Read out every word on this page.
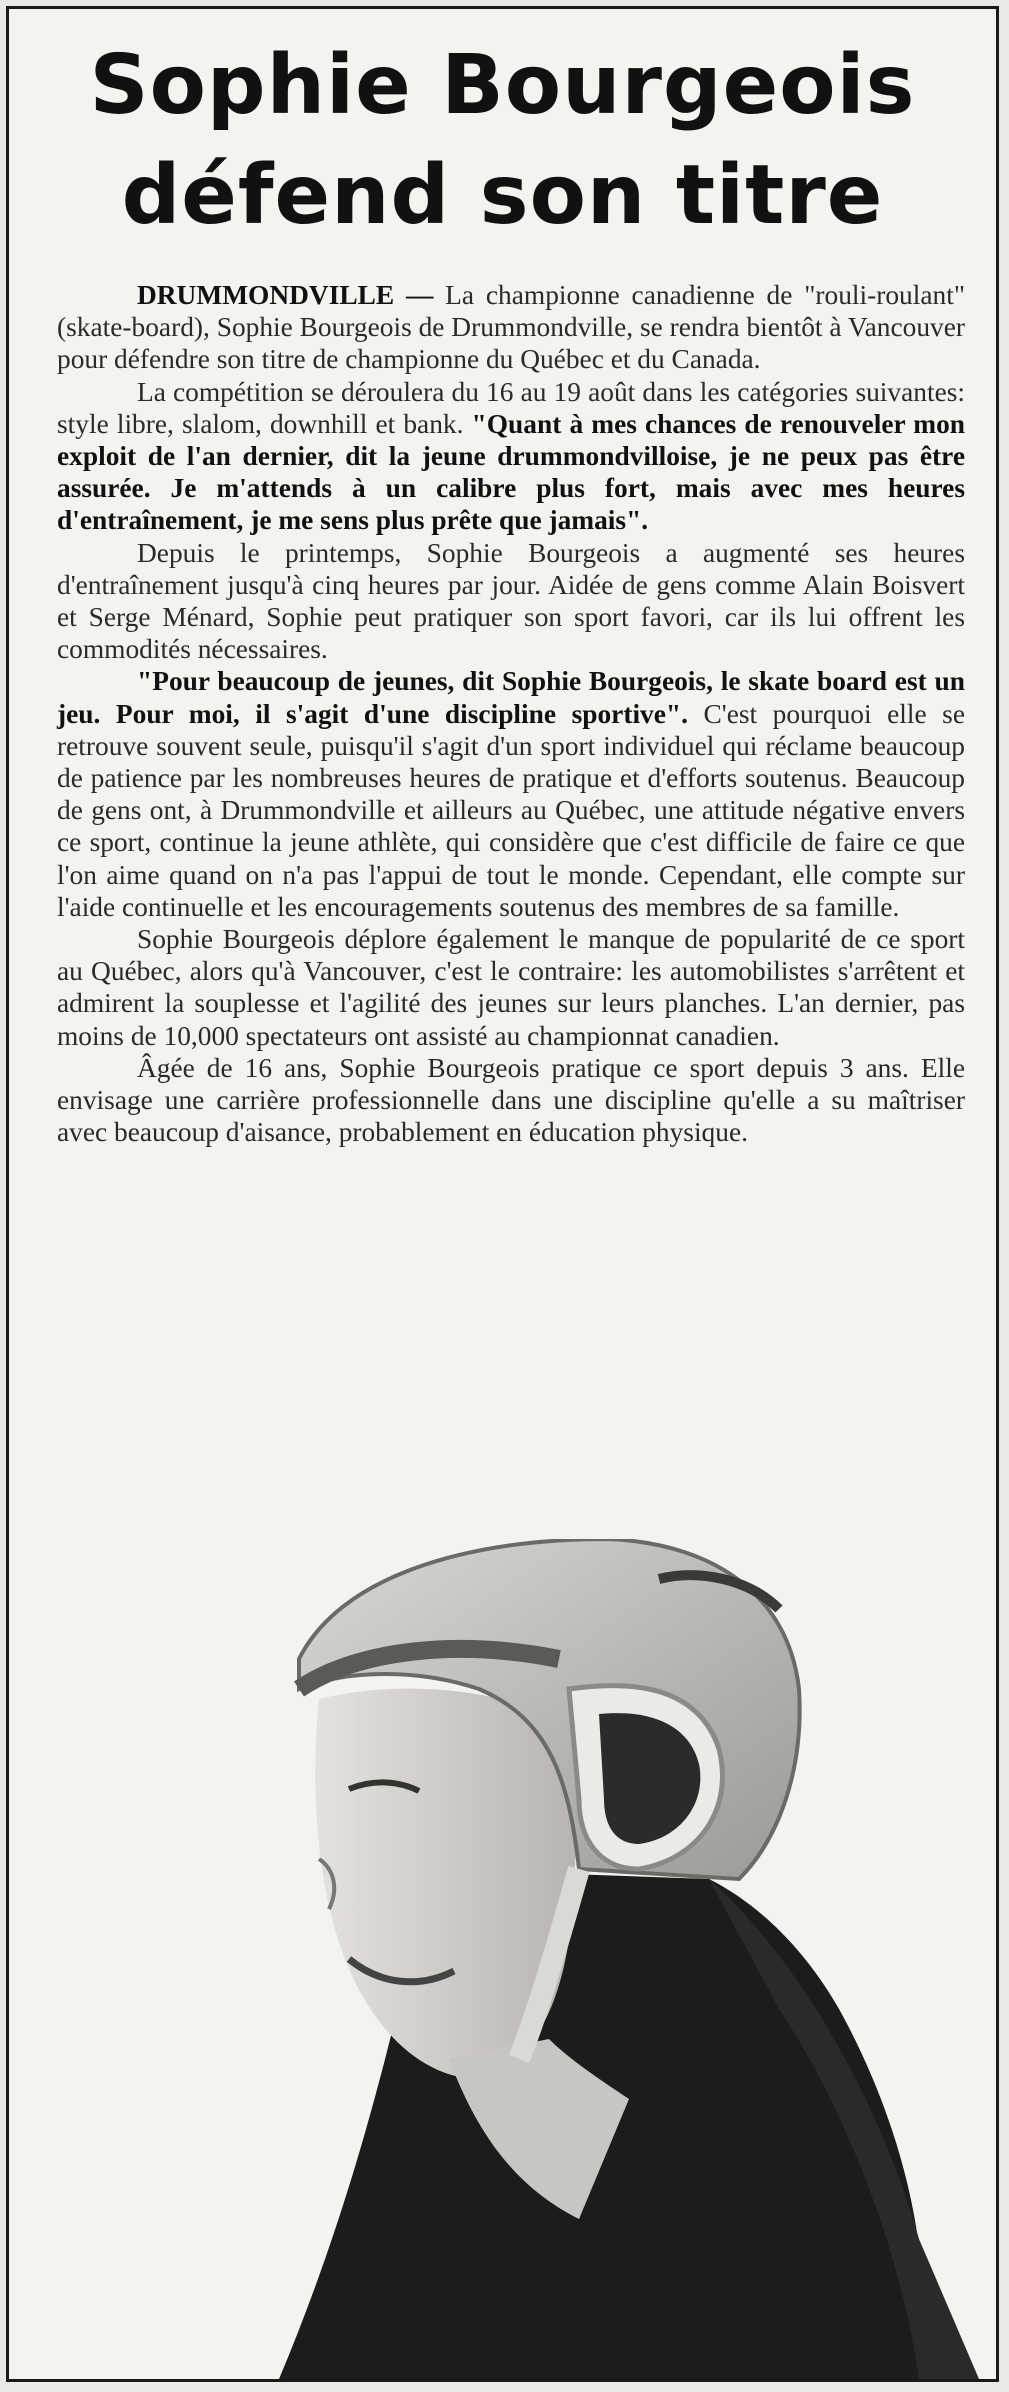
Sophie Bourgeois
défend son titre

DRUMMONDVILLE — La championne canadienne de "rouli-roulant" (skate-board), Sophie Bourgeois de Drummondville, se rendra bientôt à Vancouver pour défendre son titre de championne du Québec et du Canada.

La compétition se déroulera du 16 au 19 août dans les catégories suivantes: style libre, slalom, downhill et bank. "Quant à mes chances de renouveler mon exploit de l'an dernier, dit la jeune drummondvilloise, je ne peux pas être assurée. Je m'attends à un calibre plus fort, mais avec mes heures d'entraînement, je me sens plus prête que jamais".

Depuis le printemps, Sophie Bourgeois a augmenté ses heures d'entraînement jusqu'à cinq heures par jour. Aidée de gens comme Alain Boisvert et Serge Ménard, Sophie peut pratiquer son sport favori, car ils lui offrent les commodités nécessaires.

"Pour beaucoup de jeunes, dit Sophie Bourgeois, le skate board est un jeu. Pour moi, il s'agit d'une discipline sportive". C'est pourquoi elle se retrouve souvent seule, puisqu'il s'agit d'un sport individuel qui réclame beaucoup de patience par les nombreuses heures de pratique et d'efforts soutenus. Beaucoup de gens ont, à Drummondville et ailleurs au Québec, une attitude négative envers ce sport, continue la jeune athlète, qui considère que c'est difficile de faire ce que l'on aime quand on n'a pas l'appui de tout le monde. Cependant, elle compte sur l'aide continuelle et les encouragements soutenus des membres de sa famille.

Sophie Bourgeois déplore également le manque de popularité de ce sport au Québec, alors qu'à Vancouver, c'est le contraire: les automobilistes s'arrêtent et admirent la souplesse et l'agilité des jeunes sur leurs planches. L'an dernier, pas moins de 10,000 spectateurs ont assisté au championnat canadien.

Âgée de 16 ans, Sophie Bourgeois pratique ce sport depuis 3 ans. Elle envisage une carrière professionnelle dans une discipline qu'elle a su maîtriser avec beaucoup d'aisance, probablement en éducation physique.
